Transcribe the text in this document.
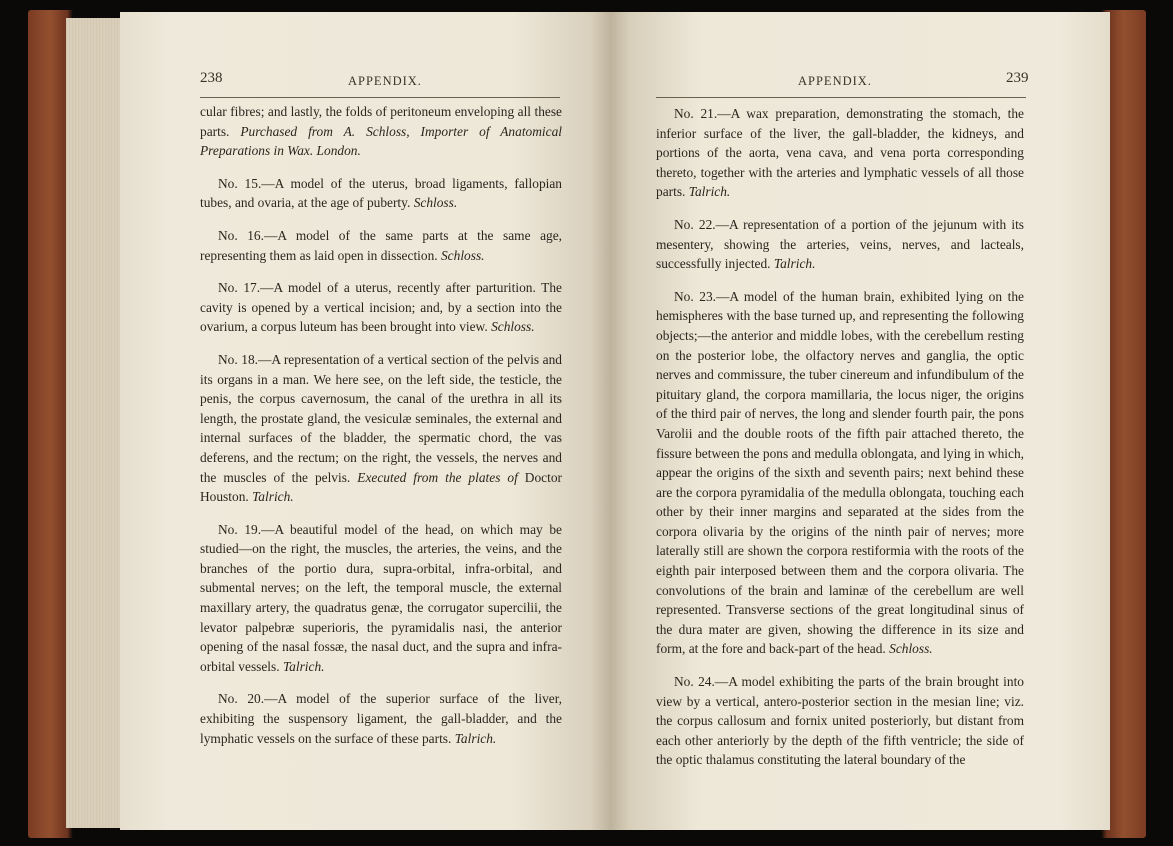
238	APPENDIX.

cular fibres; and lastly, the folds of peritoneum enveloping all these parts. Purchased from A. Schloss, Importer of Anatomical Preparations in Wax. London.

No. 15.—A model of the uterus, broad ligaments, fallopian tubes, and ovaria, at the age of puberty. Schloss.

No. 16.—A model of the same parts at the same age, representing them as laid open in dissection. Schloss.

No. 17.—A model of a uterus, recently after parturition. The cavity is opened by a vertical incision; and, by a section into the ovarium, a corpus luteum has been brought into view. Schloss.

No. 18.—A representation of a vertical section of the pelvis and its organs in a man. We here see, on the left side, the testicle, the penis, the corpus cavernosum, the canal of the urethra in all its length, the prostate gland, the vesiculæ seminales, the external and internal surfaces of the bladder, the spermatic chord, the vas deferens, and the rectum; on the right, the vessels, the nerves and the muscles of the pelvis. Executed from the plates of Doctor Houston. Talrich.

No. 19.—A beautiful model of the head, on which may be studied—on the right, the muscles, the arteries, the veins, and the branches of the portio dura, supra-orbital, infra-orbital, and submental nerves; on the left, the temporal muscle, the external maxillary artery, the quadratus genæ, the corrugator supercilii, the levator palpebræ superioris, the pyramidalis nasi, the anterior opening of the nasal fossæ, the nasal duct, and the supra and infra-orbital vessels. Talrich.

No. 20.—A model of the superior surface of the liver, exhibiting the suspensory ligament, the gall-bladder, and the lymphatic vessels on the surface of these parts. Talrich.

APPENDIX.	239

No. 21.—A wax preparation, demonstrating the stomach, the inferior surface of the liver, the gall-bladder, the kidneys, and portions of the aorta, vena cava, and vena porta corresponding thereto, together with the arteries and lymphatic vessels of all those parts. Talrich.

No. 22.—A representation of a portion of the jejunum with its mesentery, showing the arteries, veins, nerves, and lacteals, successfully injected. Talrich.

No. 23.—A model of the human brain, exhibited lying on the hemispheres with the base turned up, and representing the following objects;—the anterior and middle lobes, with the cerebellum resting on the posterior lobe, the olfactory nerves and ganglia, the optic nerves and commissure, the tuber cinereum and infundibulum of the pituitary gland, the corpora mamillaria, the locus niger, the origins of the third pair of nerves, the long and slender fourth pair, the pons Varolii and the double roots of the fifth pair attached thereto, the fissure between the pons and medulla oblongata, and lying in which, appear the origins of the sixth and seventh pairs; next behind these are the corpora pyramidalia of the medulla oblongata, touching each other by their inner margins and separated at the sides from the corpora olivaria by the origins of the ninth pair of nerves; more laterally still are shown the corpora restiformia with the roots of the eighth pair interposed between them and the corpora olivaria. The convolutions of the brain and laminæ of the cerebellum are well represented. Transverse sections of the great longitudinal sinus of the dura mater are given, showing the difference in its size and form, at the fore and back-part of the head. Schloss.

No. 24.—A model exhibiting the parts of the brain brought into view by a vertical, antero-posterior section in the mesian line; viz. the corpus callosum and fornix united posteriorly, but distant from each other anteriorly by the depth of the fifth ventricle; the side of the optic thalamus constituting the lateral boundary of the
